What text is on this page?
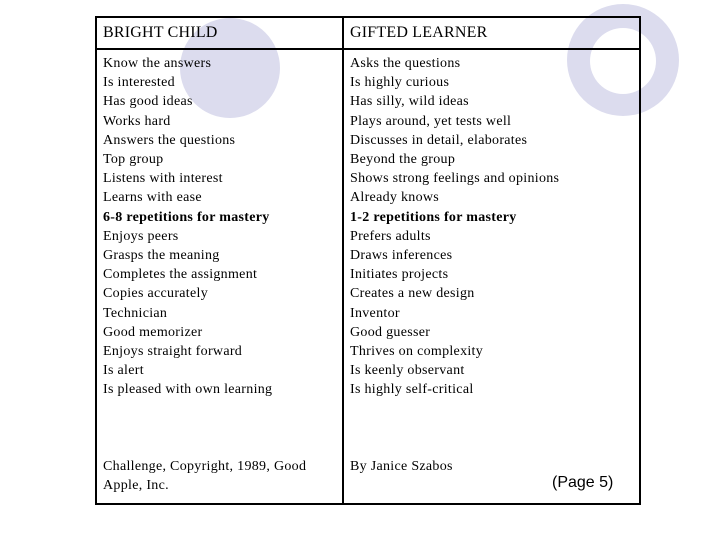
BRIGHT CHILD
Know the answers
Is interested
Has good ideas
Works hard
Answers the questions
Top group
Listens with interest
Learns with ease
6-8 repetitions for mastery
Enjoys peers
Grasps the meaning
Completes the assignment
Copies accurately
Technician
Good memorizer
Enjoys straight forward
Is alert
Is pleased with own learning
Challenge, Copyright, 1989, Good Apple, Inc.
GIFTED LEARNER
Asks the questions
Is highly curious
Has silly, wild ideas
Plays around, yet tests well
Discusses in detail, elaborates
Beyond the group
Shows strong feelings and opinions
Already knows
1-2 repetitions for mastery
Prefers adults
Draws inferences
Initiates projects
Creates a new design
Inventor
Good guesser
Thrives on complexity
Is keenly observant
Is highly self-critical
By Janice Szabos
(Page 5)
